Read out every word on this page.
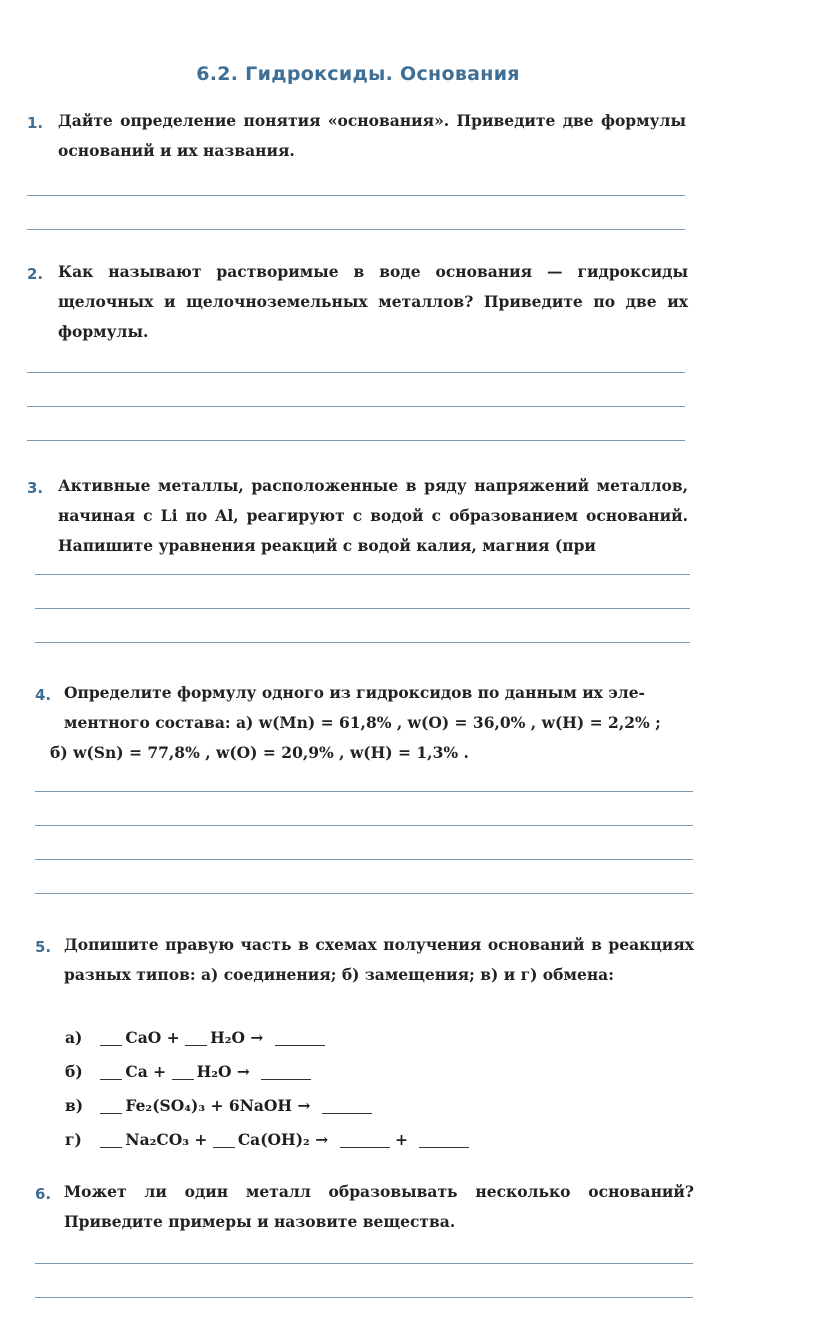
6.2. Гидроксиды. Основания
1. Дайте определение понятия «основания». Приведите две формулы оснований и их названия.
2. Как называют растворимые в воде основания — гидроксиды щелочных и щелочноземельных металлов? Приведите по две их формулы.
3. Активные металлы, расположенные в ряду напряжений металлов, начиная с Li по Al, реагируют с водой с образованием оснований. Напишите уравнения реакций с водой калия, магния (при
4. Определите формулу одного из гидроксидов по данным их эле-
ментного состава: а) w(Mn) = 61,8% , w(O) = 36,0% , w(H) = 2,2% ;
б) w(Sn) = 77,8% , w(O) = 20,9% , w(H) = 1,3% .
5. Допишите правую часть в схемах получения оснований в реакциях разных типов: а) соединения; б) замещения; в) и г) обмена:
а)	CaO + H₂O →
б)	Ca + H₂O →
в)	Fe₂(SO₄)₃ + 6NaOH →
г)	Na₂CO₃ + Ca(OH)₂ →	+
6. Может ли один металл образовывать несколько оснований? Приведите примеры и назовите вещества.
